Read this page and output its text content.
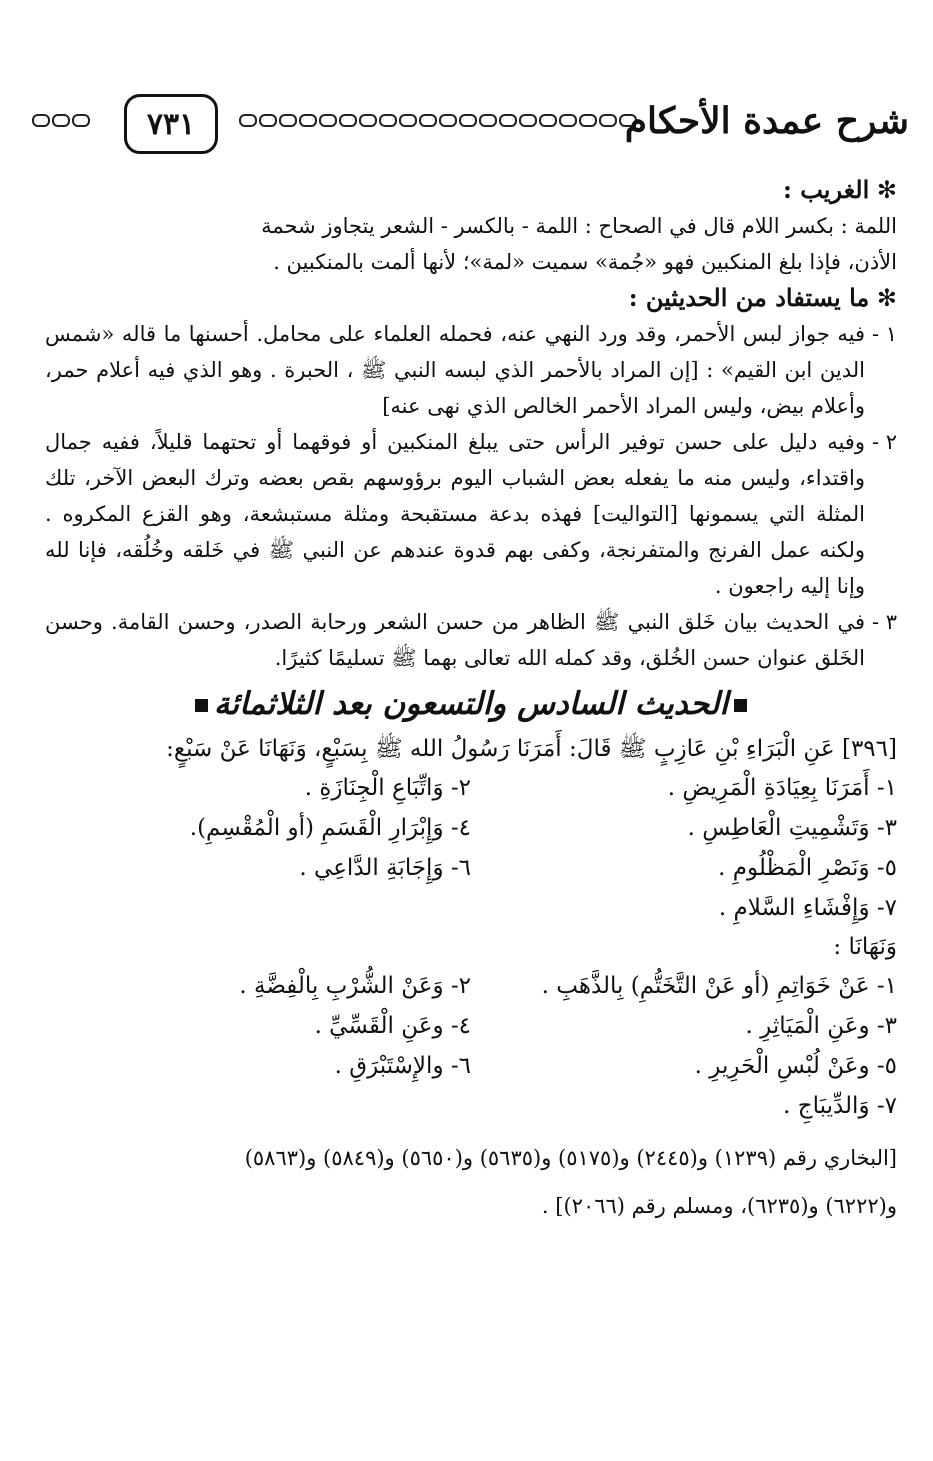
٧٣١	شرح عمدة الأحكام

✻ الغريب :

اللمة : بكسر اللام قال في الصحاح : اللمة - بالكسر - الشعر يتجاوز شحمة

الأذن، فإذا بلغ المنكبين فهو «جُمة» سميت «لمة»؛ لأنها ألمت بالمنكبين .

✻ ما يستفاد من الحديثين :

١ -

فيه جواز لبس الأحمر، وقد ورد النهي عنه، فحمله العلماء على محامل. أحسنها ما قاله «شمس الدين ابن القيم» : [إن المراد بالأحمر الذي لبسه النبي ﷺ ، الحبرة . وهو الذي فيه أعلام حمر، وأعلام بيض، وليس المراد الأحمر الخالص الذي نهى عنه]

٢ -

وفيه دليل على حسن توفير الرأس حتى يبلغ المنكبين أو فوقهما أو تحتهما قليلاً، ففيه جمال واقتداء، وليس منه ما يفعله بعض الشباب اليوم برؤوسهم بقص بعضه وترك البعض الآخر، تلك المثلة التي يسمونها [التواليت] فهذه بدعة مستقبحة ومثلة مستبشعة، وهو القزع المكروه . ولكنه عمل الفرنج والمتفرنجة، وكفى بهم قدوة عندهم عن النبي ﷺ في خَلقه وخُلُقه، فإنا لله وإنا إليه راجعون .

٣ -

في الحديث بيان خَلق النبي ﷺ الظاهر من حسن الشعر ورحابة الصدر، وحسن القامة. وحسن الخَلق عنوان حسن الخُلق، وقد كمله الله تعالى بهما ﷺ تسليمًا كثيرًا.

الحديث السادس والتسعون بعد الثلاثمائة

[٣٩٦] عَنِ الْبَرَاءِ بْنِ عَازِبٍ ﷺ قَالَ: أَمَرَنَا رَسُولُ الله ﷺ بِسَبْعٍ، وَنَهَانَا عَنْ سَبْعٍ:

١- أَمَرَنَا بِعِيَادَةِ الْمَرِيضِ .
٢- وَاتِّبَاعِ الْجِنَازَةِ .
٣- وَتَشْمِيتِ الْعَاطِسِ .
٤- وَإِبْرَارِ الْقَسَمِ (أو الْمُقْسِمِ).
٥- وَنَصْرِ الْمَظْلُومِ .
٦- وَإِجَابَةِ الدَّاعِي .
٧- وَإِفْشَاءِ السَّلامِ .

وَنَهَانَا :

١- عَنْ خَوَاتِمِ (أو عَنْ التَّخَتُّمِ) بِالذَّهَبِ .
٢- وَعَنْ الشُّرْبِ بِالْفِضَّةِ .
٣- وعَنِ الْمَيَاثِرِ .
٤- وعَنِ الْقَسِّيِّ .
٥- وعَنْ لُبْسِ الْحَرِيرِ .
٦- والإِسْتَبْرَقِ .
٧- وَالدِّيبَاجِ .

[البخاري رقم (١٢٣٩) و(٢٤٤٥) و(٥١٧٥) و(٥٦٣٥) و(٥٦٥٠) و(٥٨٤٩) و(٥٨٦٣)

و(٦٢٢٢) و(٦٢٣٥)، ومسلم رقم (٢٠٦٦)] .
